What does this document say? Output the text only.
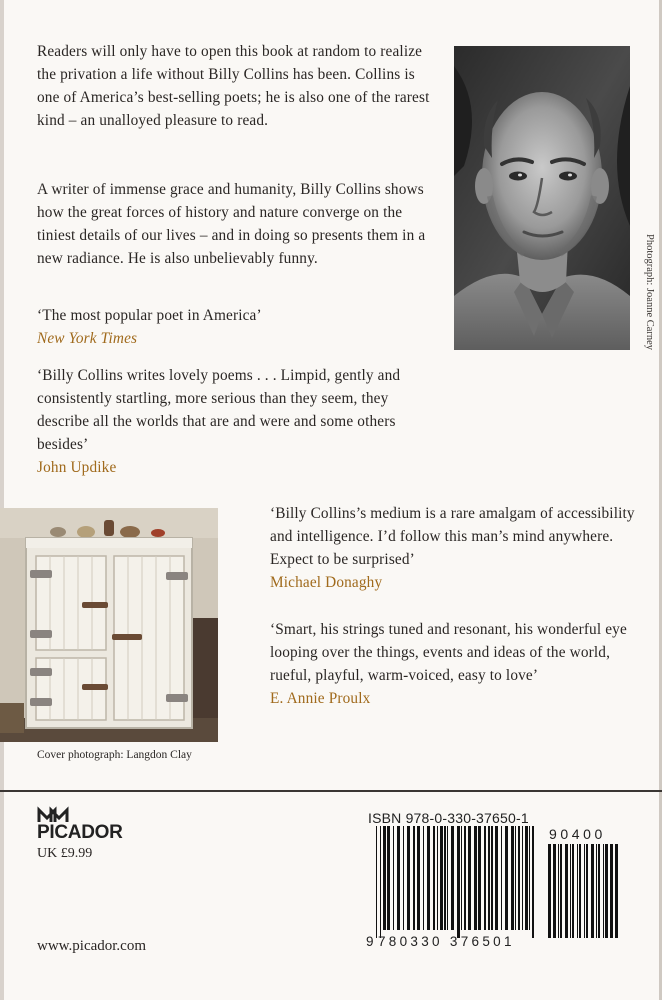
Readers will only have to open this book at random to realize the privation a life without Billy Collins has been. Collins is one of America’s best-selling poets; he is also one of the rarest kind – an unalloyed pleasure to read.

A writer of immense grace and humanity, Billy Collins shows how the great forces of history and nature converge on the tiniest details of our lives – and in doing so presents them in a new radiance. He is also unbelievably funny.

‘The most popular poet in America’

New York Times

‘Billy Collins writes lovely poems . . . Limpid, gently and consistently startling, more serious than they seem, they describe all the worlds that are and were and some others besides’

John Updike

‘Billy Collins’s medium is a rare amalgam of accessibility and intelligence. I’d follow this man’s mind anywhere. Expect to be surprised’

Michael Donaghy

‘Smart, his strings tuned and resonant, his wonderful eye looping over the things, events and ideas of the world, rueful, playful, warm-voiced, easy to love’

E. Annie Proulx

Photograph: Joanne Carney
Cover photograph: Langdon Clay
PICADOR
UK £9.99
www.picador.com
ISBN 978-0-330-37650-1
90400
9 780330 376501
